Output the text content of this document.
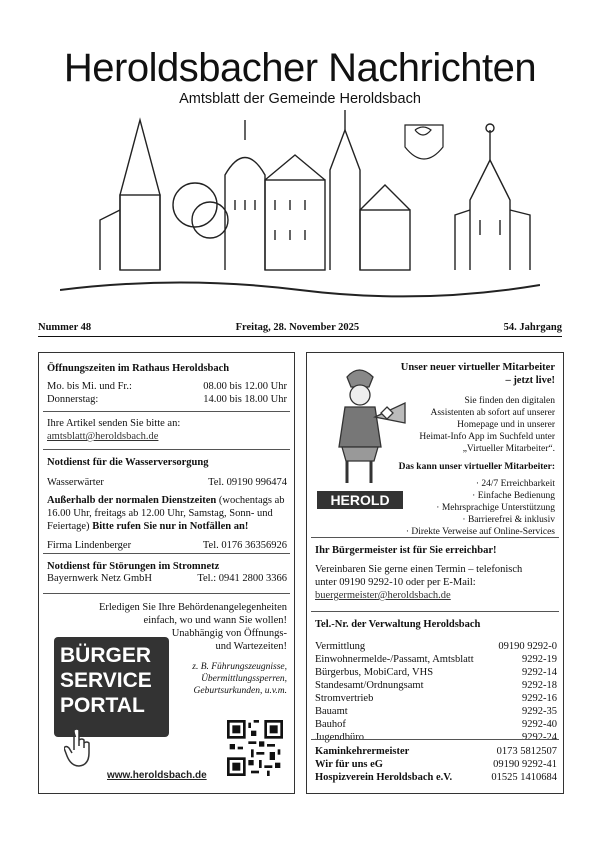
Heroldsbacher Nachrichten
Amtsblatt der Gemeinde Heroldsbach
Nummer 48	Freitag, 28. November 2025	54. Jahrgang

Öffnungszeiten im Rathaus Heroldsbach

Mo. bis Mi. und Fr.:	08.00 bis 12.00 Uhr
Donnerstag:	14.00 bis 18.00 Uhr
Ihre Artikel senden Sie bitte an:
amtsblatt@heroldsbach.de

Notdienst für die Wasserversorgung

Wasserwärter	Tel. 09190 996474
Außerhalb der normalen Dienstzeiten (wochentags ab 16.00 Uhr, freitags ab 12.00 Uhr, Samstag, Sonn- und Feiertage) Bitte rufen Sie nur in Notfällen an!
Firma Lindenberger	Tel. 0176 36356926

Notdienst für Störungen im Stromnetz

Bayernwerk Netz GmbH	Tel.: 0941 2800 3366
Erledigen Sie Ihre Behördenangelegenheiten
einfach, wo und wann Sie wollen!
Unabhängig von Öffnungs-
und Wartezeiten!
z. B. Führungszeugnisse,
Übermittlungssperren,
Geburtsurkunden, u.v.m.
BÜRGER
SERVICE
PORTAL
www.heroldsbach.de
Unser neuer virtueller Mitarbeiter
– jetzt live!
Sie finden den digitalen
Assistenten ab sofort auf unserer
Homepage und in unserer
Heimat-Info App im Suchfeld unter
„Virtueller Mitarbeiter“.
Das kann unser virtueller Mitarbeiter:
· 24/7 Erreichbarkeit
· Einfache Bedienung
· Mehrsprachige Unterstützung
· Barrierefrei & inklusiv
· Direkte Verweise auf Online-Services
HEROLD

Ihr Bürgermeister ist für Sie erreichbar!

Vereinbaren Sie gerne einen Termin – telefonisch
unter 09190 9292-10 oder per E-Mail:
buergermeister@heroldsbach.de

Tel.-Nr. der Verwaltung Heroldsbach

Vermittlung	09190 9292-0
Einwohnermelde-/Passamt, Amtsblatt	9292-19
Bürgerbus, MobiCard, VHS	9292-14
Standesamt/Ordnungsamt	9292-18
Stromvertrieb	9292-16
Bauamt	9292-35
Bauhof	9292-40
Jugendbüro	9292-24
Kaminkehrermeister	0173 5812507
Wir für uns eG	09190 9292-41
Hospizverein Heroldsbach e.V.	01525 1410684
